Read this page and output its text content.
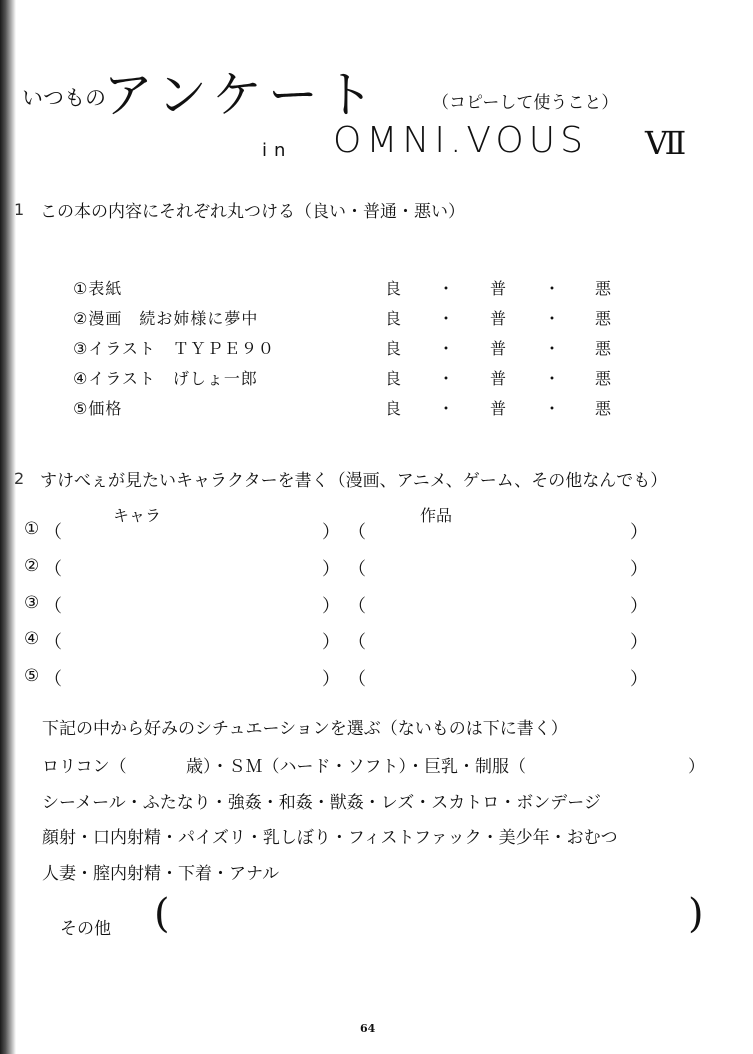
いつもの
アンケート	（コピーして使うこと）
in OMNI.VOUS Ⅶ
1 この本の内容にそれぞれ丸つける（良い・普通・悪い）
①表紙	良 ・ 普 ・ 悪
②漫画　続お姉様に夢中	良 ・ 普 ・ 悪
③イラスト　ＴＹＰＥ９０	良 ・ 普 ・ 悪
④イラスト　げしょ一郎	良 ・ 普 ・ 悪
⑤価格	良 ・ 普 ・ 悪
2 すけべぇが見たいキャラクターを書く（漫画、アニメ、ゲーム、その他なんでも）
キャラ	作品
① （	） （	）
② （	） （	）
③ （	） （	）
④ （	） （	）
⑤ （	） （	）
下記の中から好みのシチュエーションを選ぶ（ないものは下に書く）
ロリコン（	歳）・ＳＭ（ハード・ソフト）・巨乳・制服（	）
シーメール・ふたなり・強姦・和姦・獣姦・レズ・スカトロ・ボンデージ
顔射・口内射精・パイズリ・乳しぼり・フィストファック・美少年・おむつ
人妻・膣内射精・下着・アナル
その他 (	)
64
